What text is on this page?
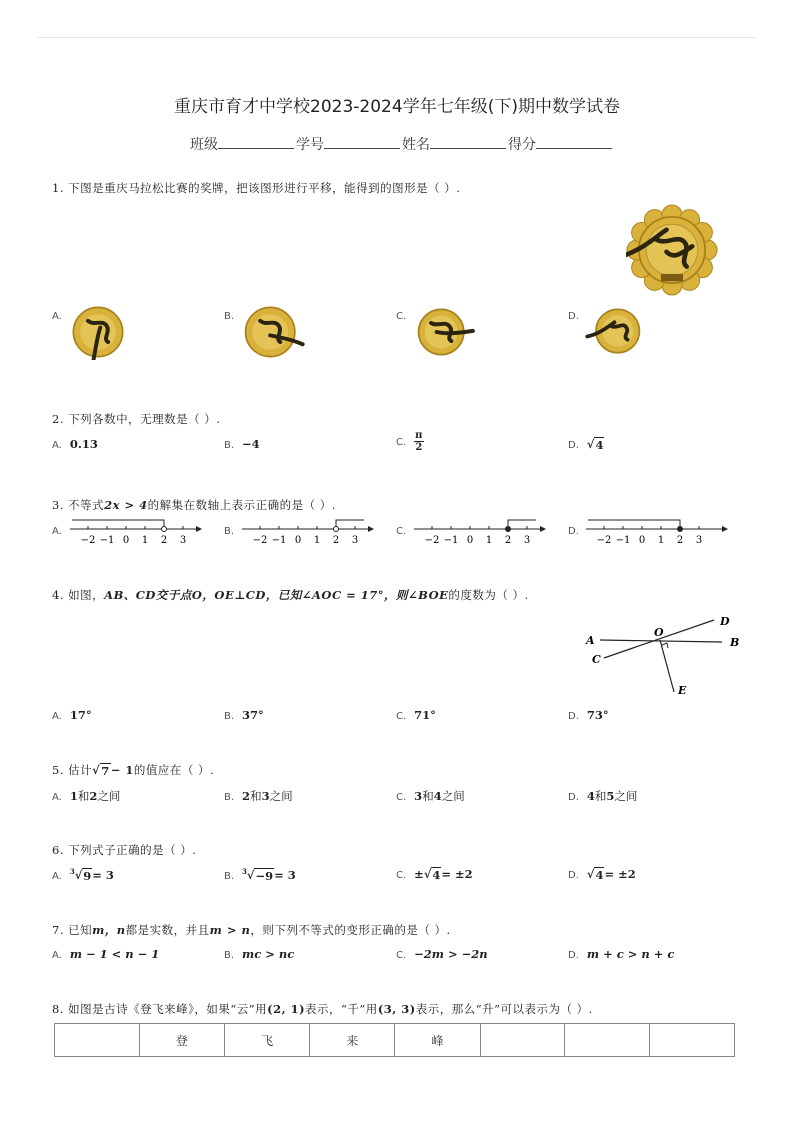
重庆市育才中学校2023-2024学年七年级(下)期中数学试卷
班级	学号	姓名	得分
1. 下图是重庆马拉松比赛的奖牌，把该图形进行平移，能得到的图形是（ ）.
A.	B.	C.	D.
2. 下列各数中，无理数是（ ）.
A. 0.13	B. −4	C. $\frac{\pi}{2}$	D. √ 4
3. 不等式2x > 4的解集在数轴上表示正确的是（ ）.
A.
−2 −1 0 1 2 3
B.
−2 −1 0 1 2 3
C.
−2 −1 0 1 2 3
D.
−2 −1 0 1 2 3
4. 如图，AB、CD交于点O，OE⊥CD，已知∠AOC = 17°，则∠BOE的度数为（ ）.
A	B
C
D
O
E
A. 17°	B. 37°	C. 71°	D. 73°
5. 估计√ 7 − 1的值应在（ ）.
A. 1和2之间	B. 2和3之间	C. 3和4之间	D. 4和5之间
6. 下列式子正确的是（ ）.
A. $^3$√ 9 = 3	B. $^3$√ −9 = 3	C. ±√ 4 = ±2	D. √ 4 = ±2
7. 已知m，n都是实数，并且m > n，则下列不等式的变形正确的是（ ）.
A. m − 1 < n − 1	B. mc > nc	C. −2m > −2n	D. m + c > n + c
8. 如图是古诗《登飞来峰》，如果“云”用(2, 1)表示，“千”用(3, 3)表示，那么“升”可以表示为（ ）.
	登	飞	来	峰			
